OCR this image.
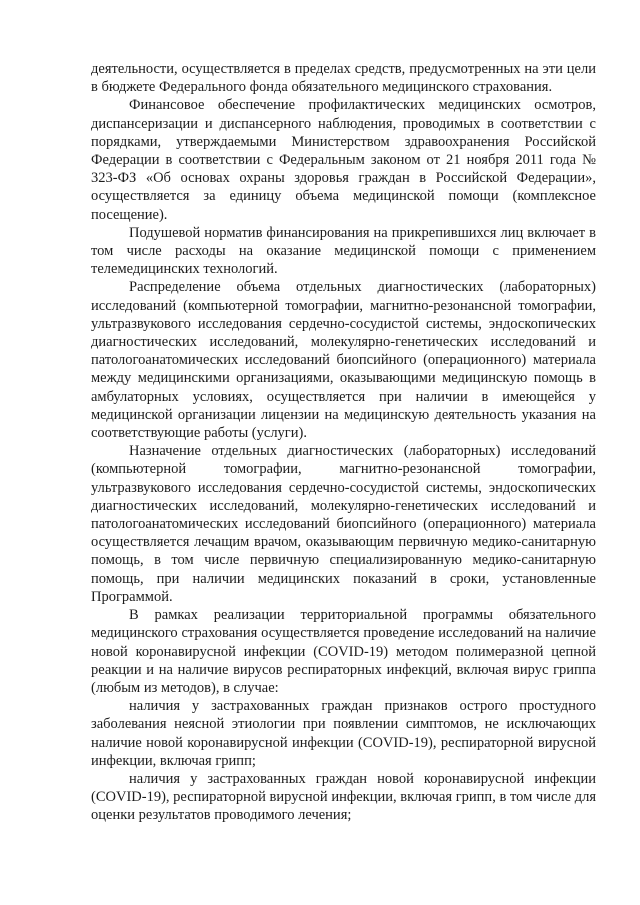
деятельности, осуществляется в пределах средств, предусмотренных на эти цели в бюджете Федерального фонда обязательного медицинского страхования.

Финансовое обеспечение профилактических медицинских осмотров, диспансеризации и диспансерного наблюдения, проводимых в соответствии с порядками, утверждаемыми Министерством здравоохранения Российской Федерации в соответствии с Федеральным законом от 21 ноября 2011 года № 323-ФЗ «Об основах охраны здоровья граждан в Российской Федерации», осуществляется за единицу объема медицинской помощи (комплексное посещение).

Подушевой норматив финансирования на прикрепившихся лиц включает в том числе расходы на оказание медицинской помощи с применением телемедицинских технологий.

Распределение объема отдельных диагностических (лабораторных) исследований (компьютерной томографии, магнитно-резонансной томографии, ультразвукового исследования сердечно-сосудистой системы, эндоскопических диагностических исследований, молекулярно-генетических исследований и патологоанатомических исследований биопсийного (операционного) материала между медицинскими организациями, оказывающими медицинскую помощь в амбулаторных условиях, осуществляется при наличии в имеющейся у медицинской организации лицензии на медицинскую деятельность указания на соответствующие работы (услуги).

Назначение отдельных диагностических (лабораторных) исследований (компьютерной томографии, магнитно-резонансной томографии, ультразвукового исследования сердечно-сосудистой системы, эндоскопических диагностических исследований, молекулярно-генетических исследований и патологоанатомических исследований биопсийного (операционного) материала осуществляется лечащим врачом, оказывающим первичную медико-санитарную помощь, в том числе первичную специализированную медико-санитарную помощь, при наличии медицинских показаний в сроки, установленные Программой.

В рамках реализации территориальной программы обязательного медицинского страхования осуществляется проведение исследований на наличие новой коронавирусной инфекции (COVID-19) методом полимеразной цепной реакции и на наличие вирусов респираторных инфекций, включая вирус гриппа (любым из методов), в случае:

наличия у застрахованных граждан признаков острого простудного заболевания неясной этиологии при появлении симптомов, не исключающих наличие новой коронавирусной инфекции (COVID-19), респираторной вирусной инфекции, включая грипп;

наличия у застрахованных граждан новой коронавирусной инфекции (COVID-19), респираторной вирусной инфекции, включая грипп, в том числе для оценки результатов проводимого лечения;
